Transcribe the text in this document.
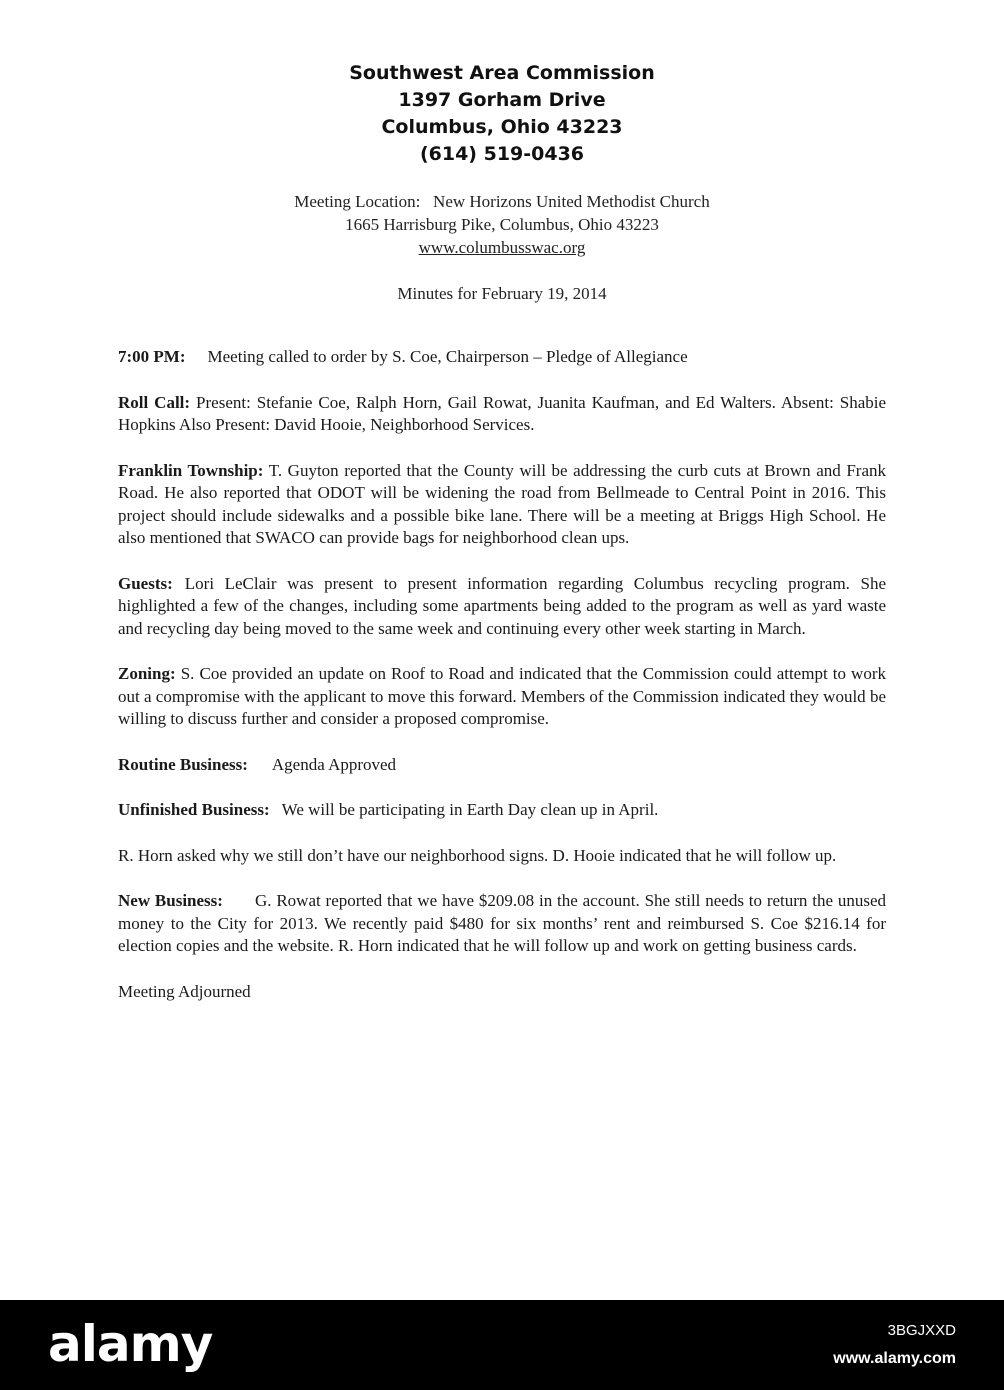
Southwest Area Commission
1397 Gorham Drive
Columbus, Ohio 43223
(614) 519-0436
Meeting Location:   New Horizons United Methodist Church
1665 Harrisburg Pike, Columbus, Ohio 43223
www.columbusswac.org
Minutes for February 19, 2014

7:00 PM: Meeting called to order by S. Coe, Chairperson – Pledge of Allegiance

Roll Call: Present: Stefanie Coe, Ralph Horn, Gail Rowat, Juanita Kaufman, and Ed Walters. Absent: Shabie Hopkins Also Present: David Hooie, Neighborhood Services.

Franklin Township: T. Guyton reported that the County will be addressing the curb cuts at Brown and Frank Road. He also reported that ODOT will be widening the road from Bellmeade to Central Point in 2016. This project should include sidewalks and a possible bike lane. There will be a meeting at Briggs High School. He also mentioned that SWACO can provide bags for neighborhood clean ups.

Guests: Lori LeClair was present to present information regarding Columbus recycling program. She highlighted a few of the changes, including some apartments being added to the program as well as yard waste and recycling day being moved to the same week and continuing every other week starting in March.

Zoning: S. Coe provided an update on Roof to Road and indicated that the Commission could attempt to work out a compromise with the applicant to move this forward. Members of the Commission indicated they would be willing to discuss further and consider a proposed compromise.

Routine Business: Agenda Approved

Unfinished Business: We will be participating in Earth Day clean up in April.

R. Horn asked why we still don’t have our neighborhood signs. D. Hooie indicated that he will follow up.

New Business: G. Rowat reported that we have $209.08 in the account. She still needs to return the unused money to the City for 2013. We recently paid $480 for six months’ rent and reimbursed S. Coe $216.14 for election copies and the website. R. Horn indicated that he will follow up and work on getting business cards.

Meeting Adjourned

alamy	3BGJXXD
www.alamy.com
